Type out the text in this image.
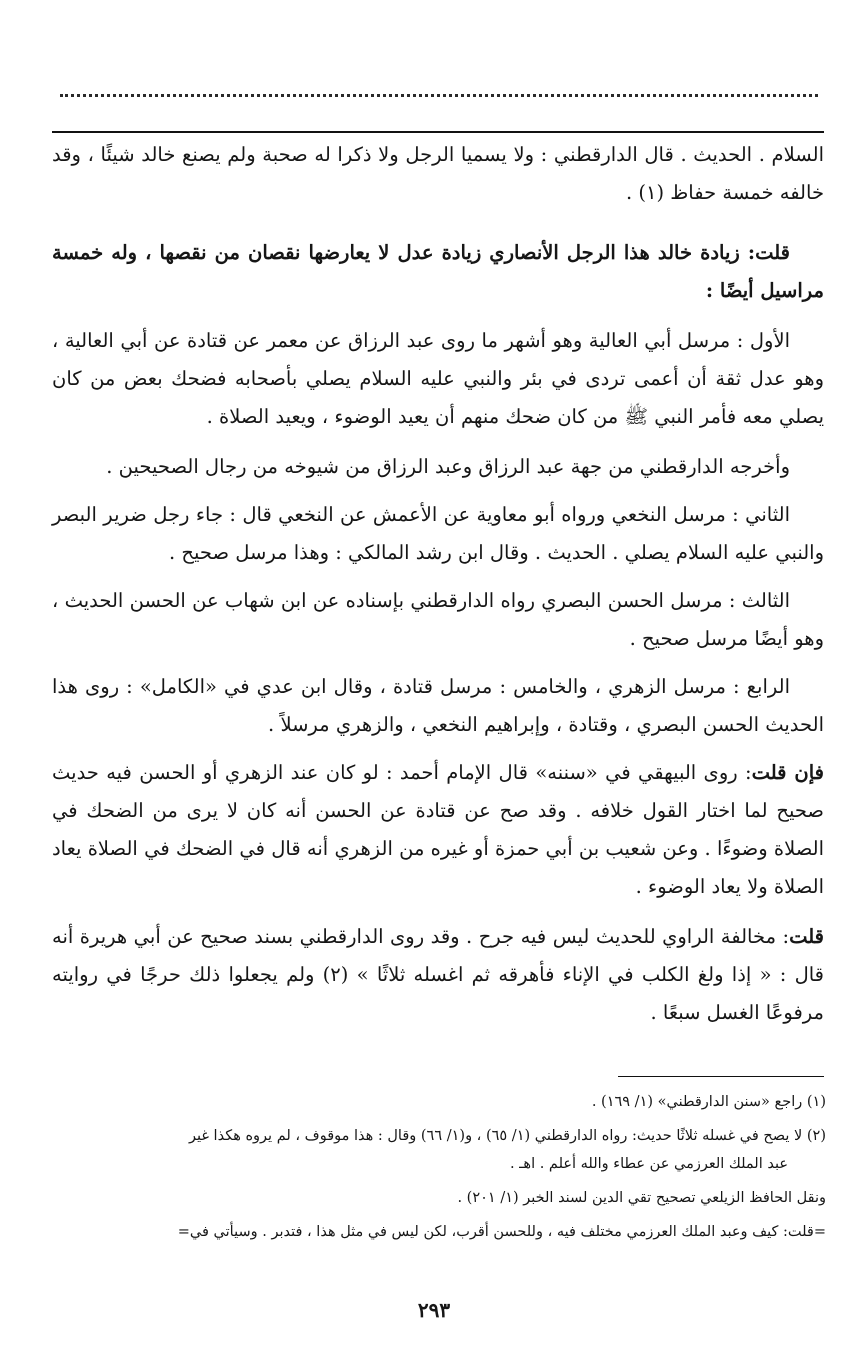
السلام . الحديث . قال الدارقطني : ولا يسميا الرجل ولا ذكرا له صحبة ولم يصنع خالد شيئًا ، وقد خالفه خمسة حفاظ (١) .

قلت: زيادة خالد هذا الرجل الأنصاري زيادة عدل لا يعارضها نقصان من نقصها ، وله خمسة مراسيل أيضًا :

الأول : مرسل أبي العالية وهو أشهر ما روى عبد الرزاق عن معمر عن قتادة عن أبي العالية ، وهو عدل ثقة أن أعمى تردى في بئر والنبي عليه السلام يصلي بأصحابه فضحك بعض من كان يصلي معه فأمر النبي ﷺ من كان ضحك منهم أن يعيد الوضوء ، ويعيد الصلاة .

وأخرجه الدارقطني من جهة عبد الرزاق وعبد الرزاق من شيوخه من رجال الصحيحين .

الثاني : مرسل النخعي ورواه أبو معاوية عن الأعمش عن النخعي قال : جاء رجل ضرير البصر والنبي عليه السلام يصلي . الحديث . وقال ابن رشد المالكي : وهذا مرسل صحيح .

الثالث : مرسل الحسن البصري رواه الدارقطني بإسناده عن ابن شهاب عن الحسن الحديث ، وهو أيضًا مرسل صحيح .

الرابع : مرسل الزهري ، والخامس : مرسل قتادة ، وقال ابن عدي في «الكامل» : روى هذا الحديث الحسن البصري ، وقتادة ، وإبراهيم النخعي ، والزهري مرسلاً .

فإن قلت: روى البيهقي في «سننه» قال الإمام أحمد : لو كان عند الزهري أو الحسن فيه حديث صحيح لما اختار القول خلافه . وقد صح عن قتادة عن الحسن أنه كان لا يرى من الضحك في الصلاة وضوءًا . وعن شعيب بن أبي حمزة أو غيره من الزهري أنه قال في الضحك في الصلاة يعاد الصلاة ولا يعاد الوضوء .

قلت: مخالفة الراوي للحديث ليس فيه جرح . وقد روى الدارقطني بسند صحيح عن أبي هريرة أنه قال : « إذا ولغ الكلب في الإناء فأهرقه ثم اغسله ثلاثًا » (٢) ولم يجعلوا ذلك حرجًا في روايته مرفوعًا الغسل سبعًا .

(١) راجع «سنن الدارقطني» (١/ ١٦٩) .

(٢) لا يصح في غسله ثلاثًا حديث: رواه الدارقطني (١/ ٦٥) ، و(١/ ٦٦) وقال : هذا موقوف ، لم يروه هكذا غير
عبد الملك العرزمي عن عطاء والله أعلم . اهـ .

ونقل الحافظ الزيلعي تصحيح تقي الدين لسند الخبر (١/ ٢٠١) .

=قلت: كيف وعبد الملك العرزمي مختلف فيه ، وللحسن أقرب، لكن ليس في مثل هذا ، فتدبر . وسيأتي في=

٢٩٣
